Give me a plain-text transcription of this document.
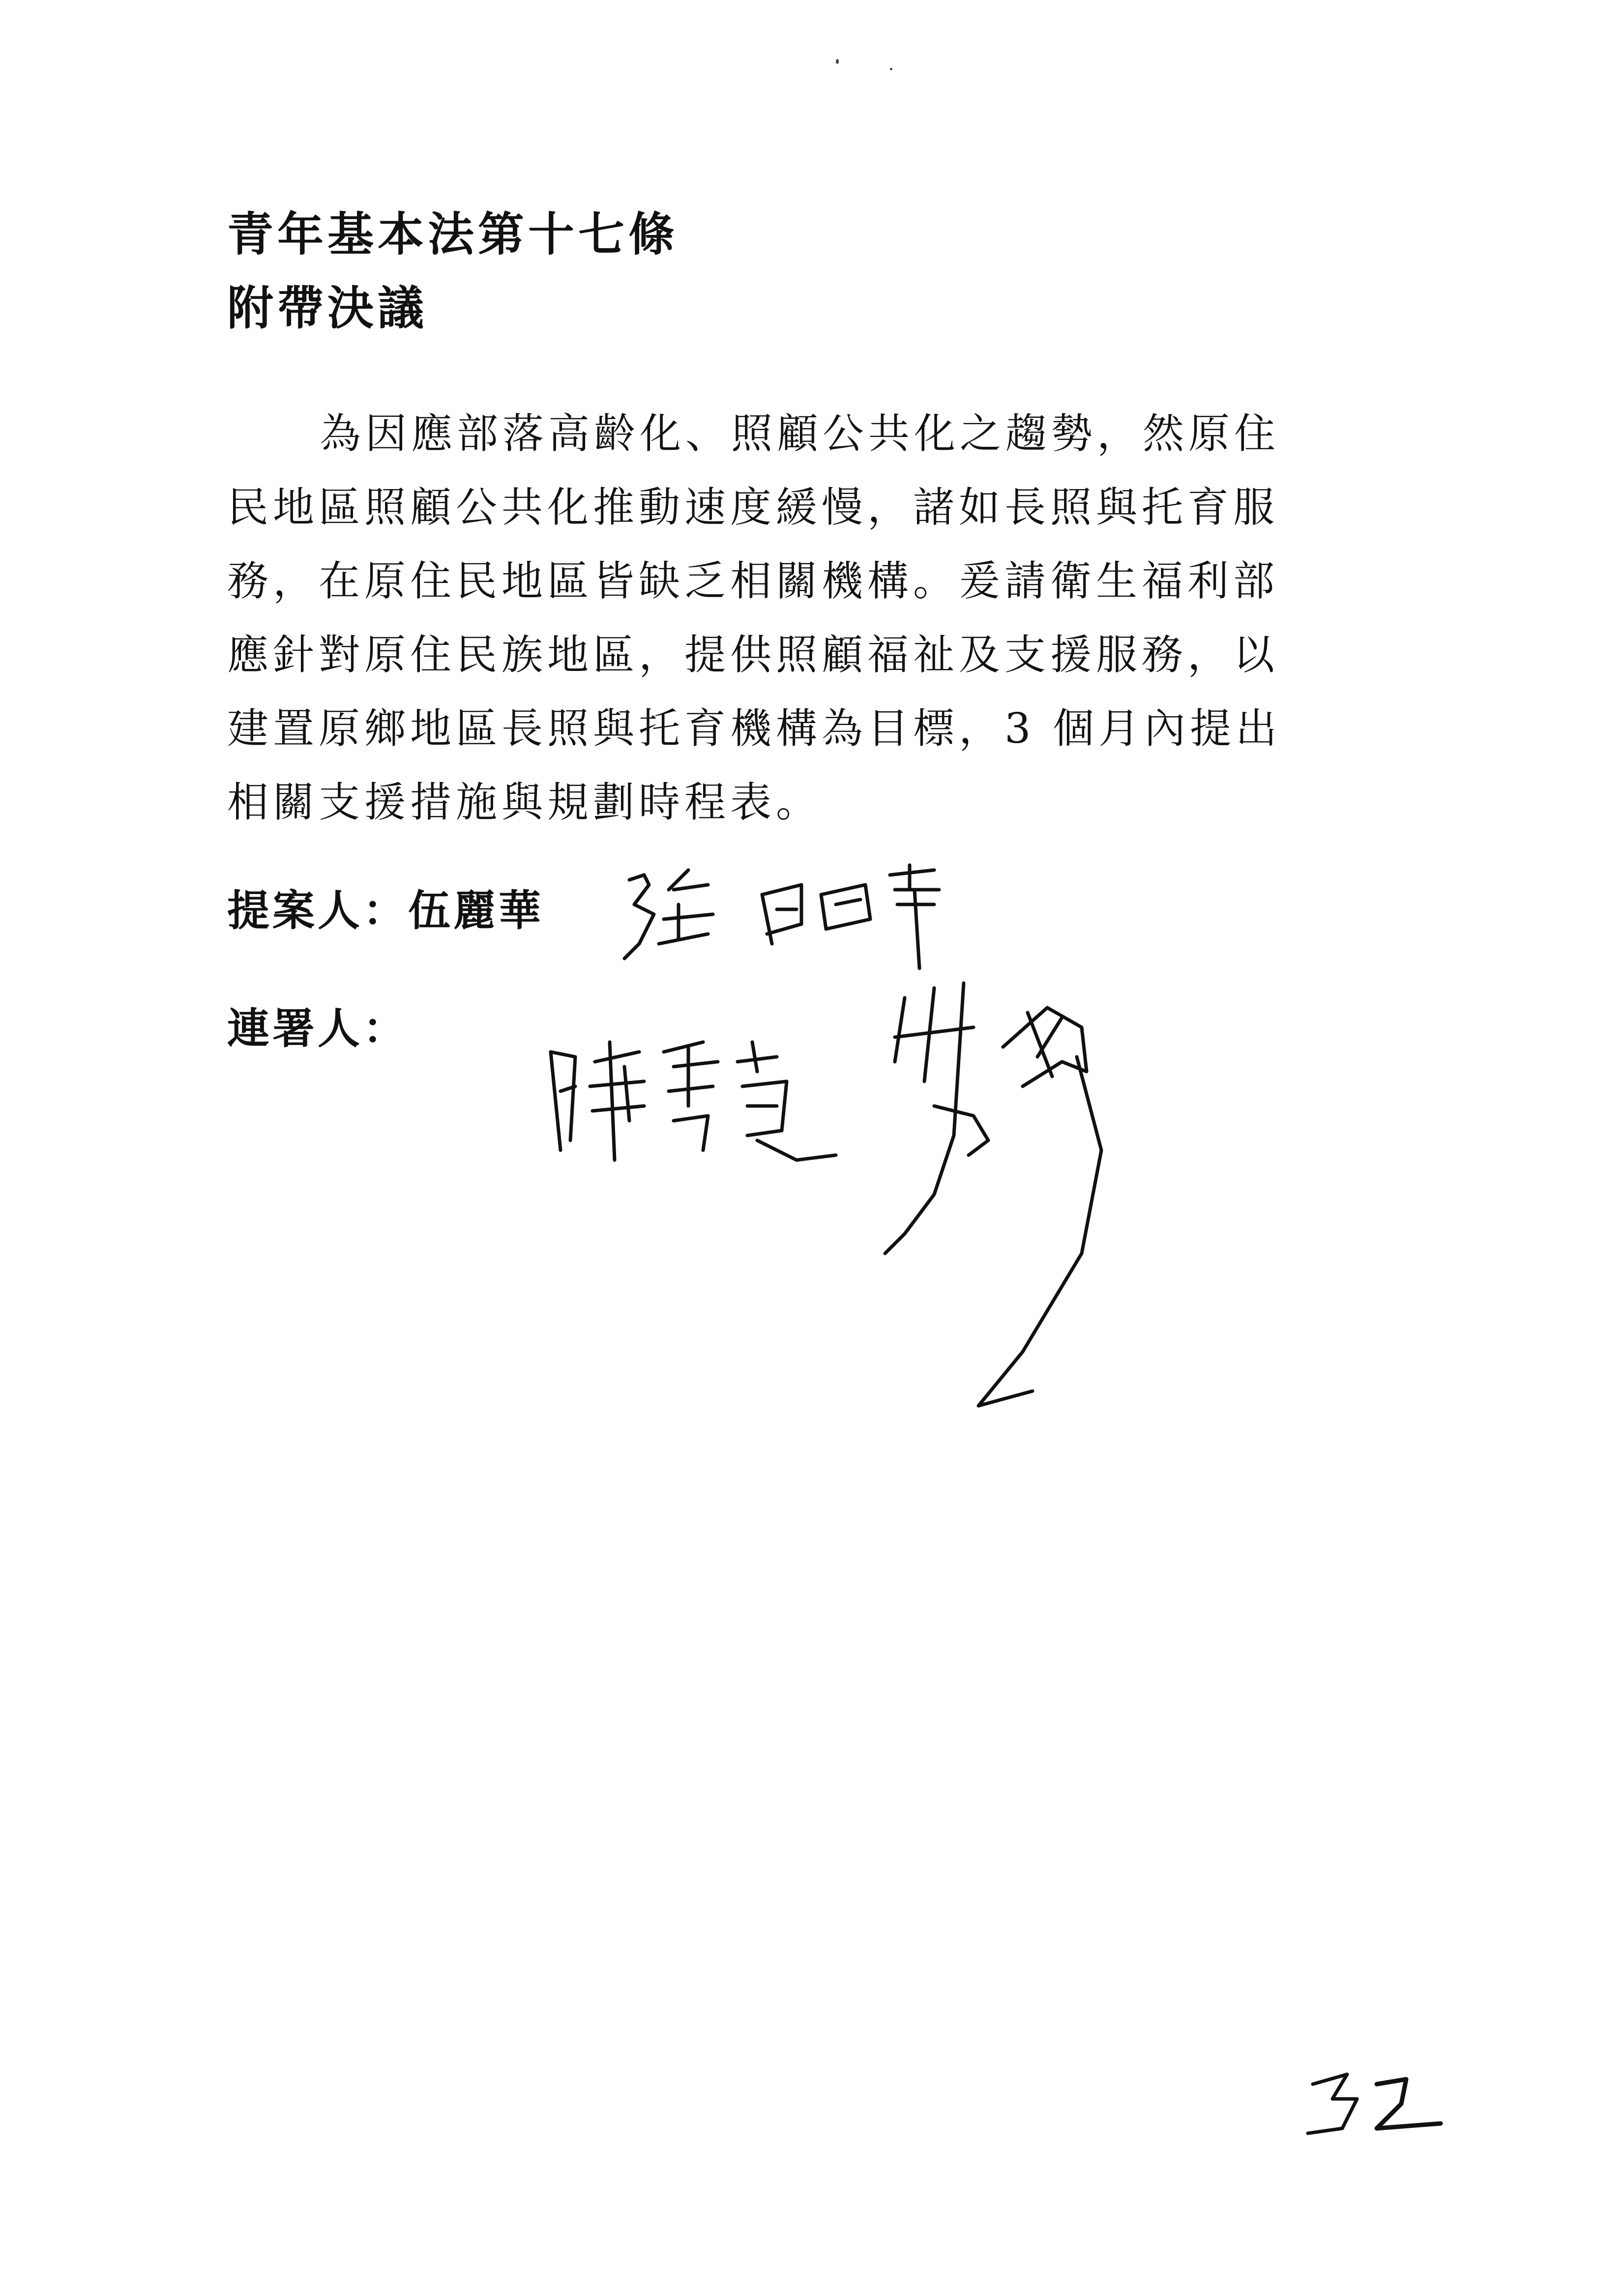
青年基本法第十七條
附帶決議
為因應部落高齡化、照顧公共化之趨勢，然原住
民地區照顧公共化推動速度緩慢，諸如長照與托育服
務，在原住民地區皆缺乏相關機構。爰請衛生福利部
應針對原住民族地區，提供照顧福祉及支援服務，以
建置原鄉地區長照與托育機構為目標，3 個月內提出
相關支援措施與規劃時程表。
提案人：伍麗華
連署人：
